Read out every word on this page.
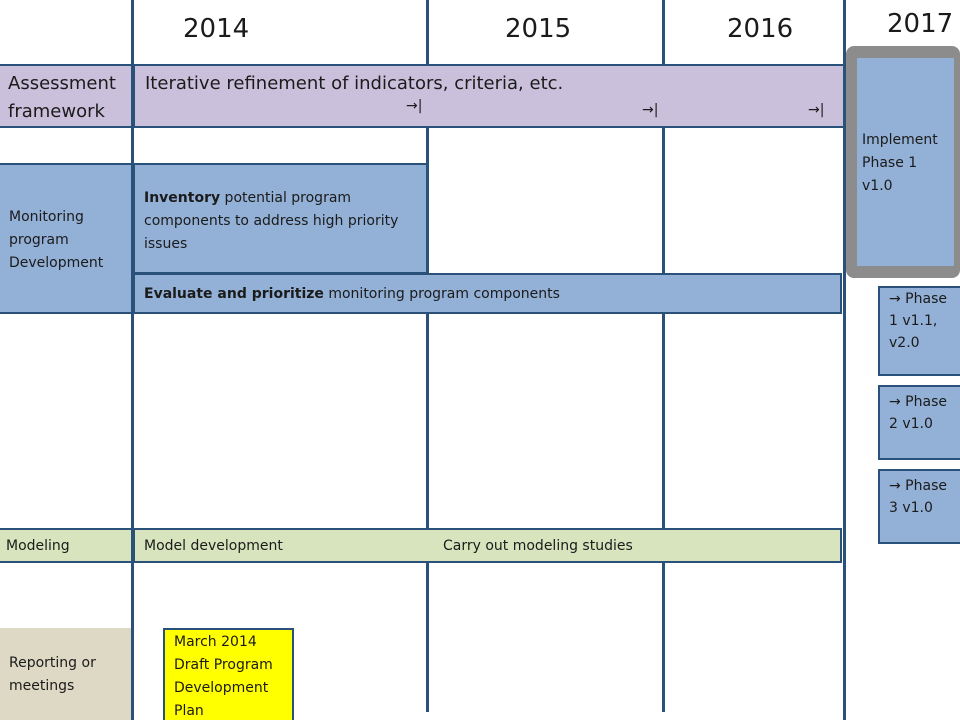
2014	2015	2016	2017
Assessment framework
Iterative refinement of indicators, criteria, etc.
→|	→|	→|
Implement Phase 1 v1.0
Monitoring program Development
Inventory potential program components to address high priority issues
Evaluate and prioritize monitoring program components	→ Phase 1 v1.1, v2.0
→ Phase 2 v1.0
→ Phase 3 v1.0
Modeling	Model development	Carry out modeling studies
Reporting or meetings
March 2014 Draft Program Development Plan
